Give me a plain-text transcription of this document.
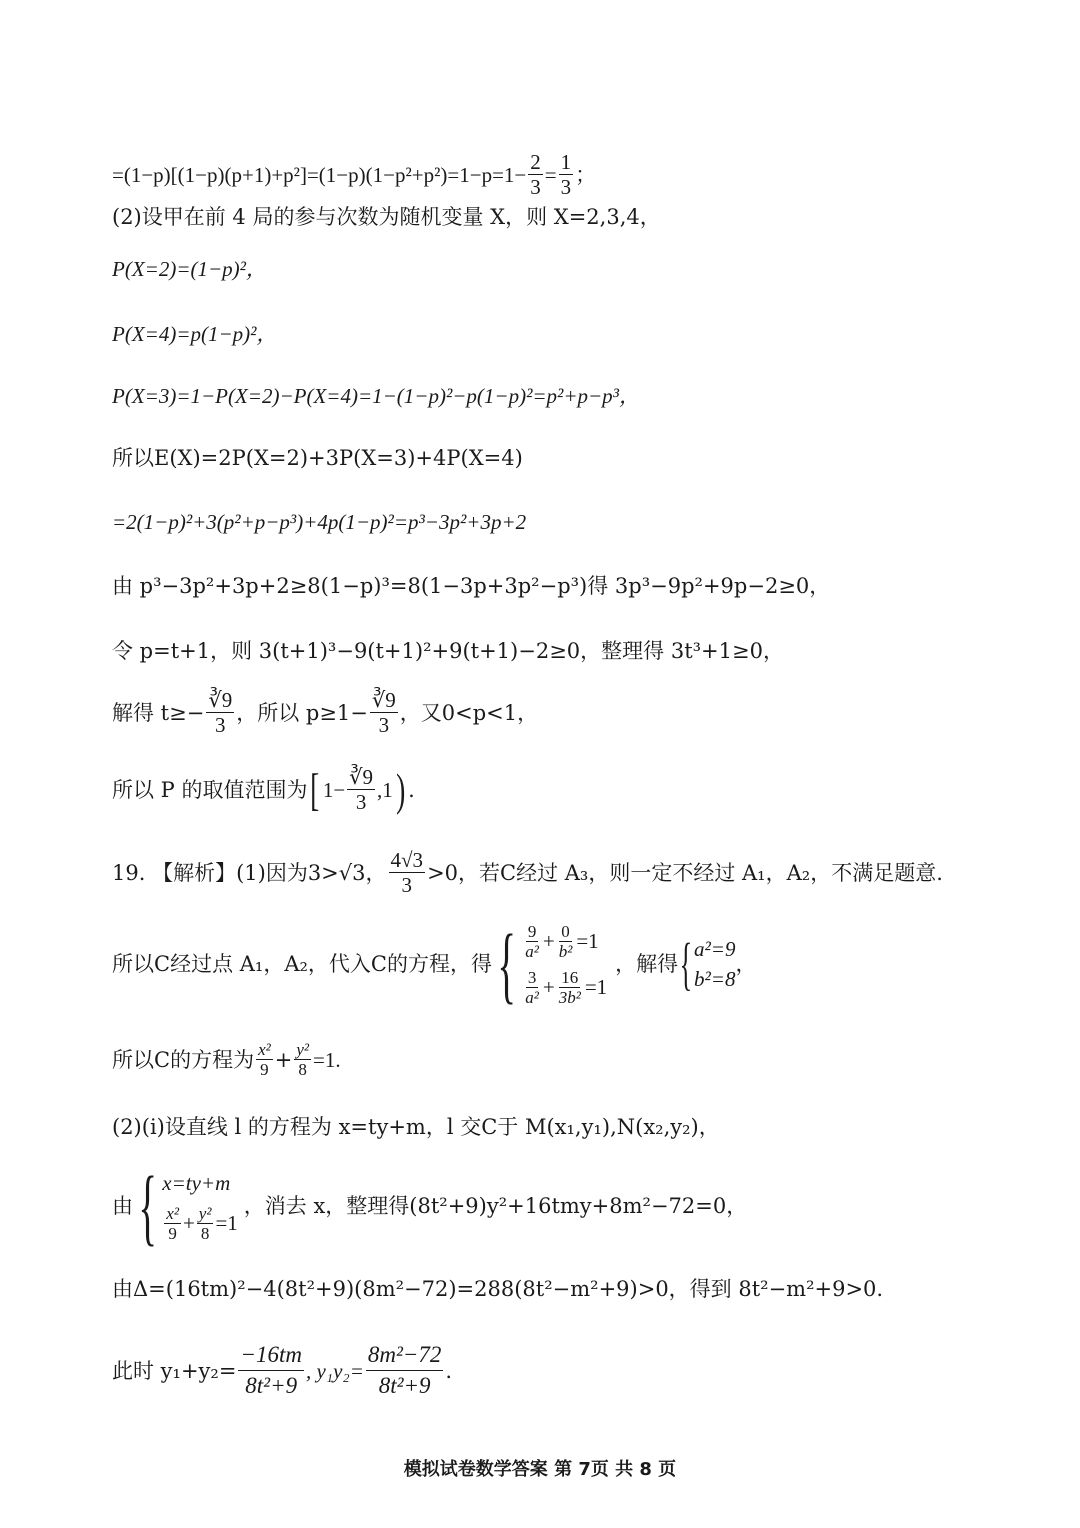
$=(1-p)[(1-p)(p+1)+p^2]=(1-p)(1-p^2+p^2)=1-p=1- \frac{2}{3} = \frac{1}{3}$ ；
(2)设甲在前 4 局的参与次数为随机变量 X，则 X=2,3,4，
P(X=2)=(1−p)²，
P(X=4)=p(1−p)²，
P(X=3)=1−P(X=2)−P(X=4)=1−(1−p)²−p(1−p)²=p²+p−p³，
所以E(X)=2P(X=2)+3P(X=3)+4P(X=4)
=2(1−p)²+3(p²+p−p³)+4p(1−p)²=p³−3p²+3p+2
由 p³−3p²+3p+2≥8(1−p)³=8(1−3p+3p²−p³)得 3p³−9p²+9p−2≥0，
令 p=t+1，则 3(t+1)³−9(t+1)²+9(t+1)−2≥0，整理得 3t³+1≥0，
解得 $t\ge- \frac{∛9}{3}$ ，所以 $p\ge 1- \frac{∛9}{3}$ ，又0<p<1，
所以 P 的取值范围为 [ $1- \frac{∛9}{3} ,1$ ) .
19. 【解析】(1)因为3>√3， $\frac{4√3}{3} >0$，若C经过 A₃，则一定不经过 A₁，A₂，不满足题意.
所以C经过点 A₁，A₂，代入C的方程，得 { $\frac{9}{\text{a²}} + \frac{0}{\text{b²}} =1$
$\frac{3}{\text{a²}} + \frac{16}{\text{3b²}} =1$
，解得 { a²=9
b²=8
，
所以C的方程为 $\frac{\text{x²}}{9} + \frac{\text{y²}}{8} =1$.
(2)(i)设直线 l 的方程为 x=ty+m，l 交C于 M(x₁,y₁),N(x₂,y₂)，
由 { x=ty+m
$\frac{\text{x²}}{9} + \frac{\text{y²}}{8} =1$
，消去 x，整理得(8t²+9)y²+16tmy+8m²−72=0，
由Δ=(16tm)²−4(8t²+9)(8m²−72)=288(8t²−m²+9)>0，得到 8t²−m²+9>0.
此时 $y_1+y_2= \frac{-16tm}{\text{8t²+9}}$ , $y_1y_2= \frac{\text{8m²−72}}{\text{8t²+9}}$ .
模拟试卷数学答案 第 7页 共 8 页
